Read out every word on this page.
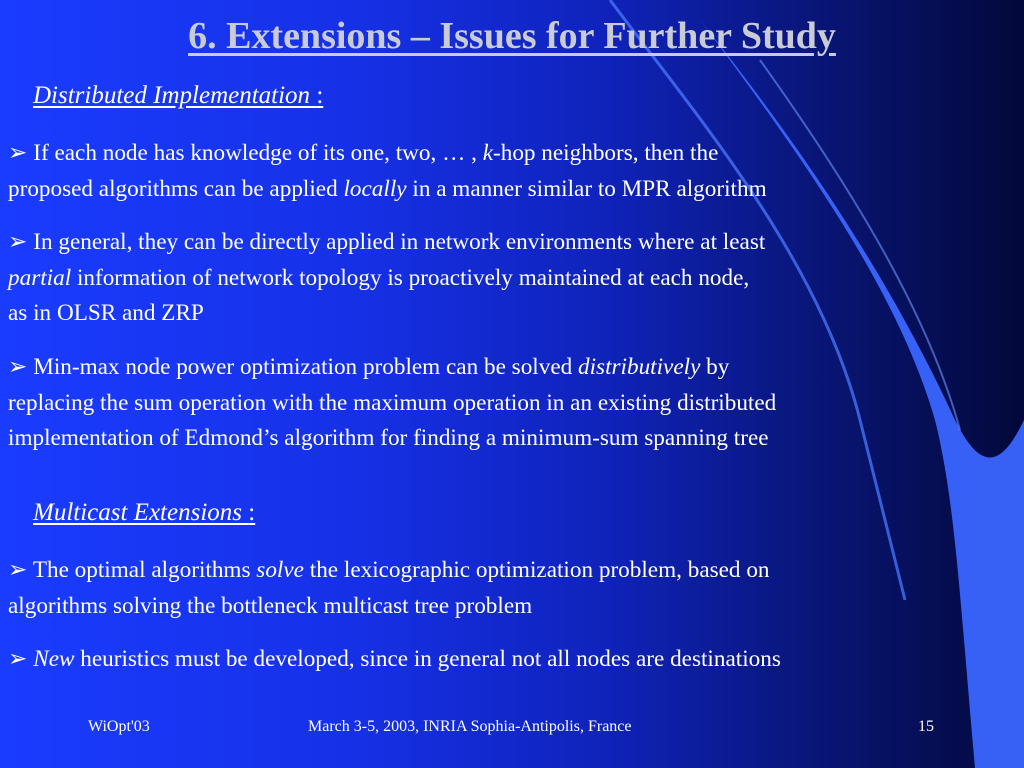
6. Extensions – Issues for Further Study
Distributed Implementation :
➢ If each node has knowledge of its one, two, … , k-hop neighbors, then the
proposed algorithms can be applied locally in a manner similar to MPR algorithm
➢ In general, they can be directly applied in network environments where at least
partial information of network topology is proactively maintained at each node,
as in OLSR and ZRP
➢ Min-max node power optimization problem can be solved distributively by
replacing the sum operation with the maximum operation in an existing distributed
implementation of Edmond’s algorithm for finding a minimum-sum spanning tree
Multicast Extensions :
➢ The optimal algorithms solve the lexicographic optimization problem, based on
algorithms solving the bottleneck multicast tree problem
➢ New heuristics must be developed, since in general not all nodes are destinations
WiOpt'03	March 3-5, 2003, INRIA Sophia-Antipolis, France	15
